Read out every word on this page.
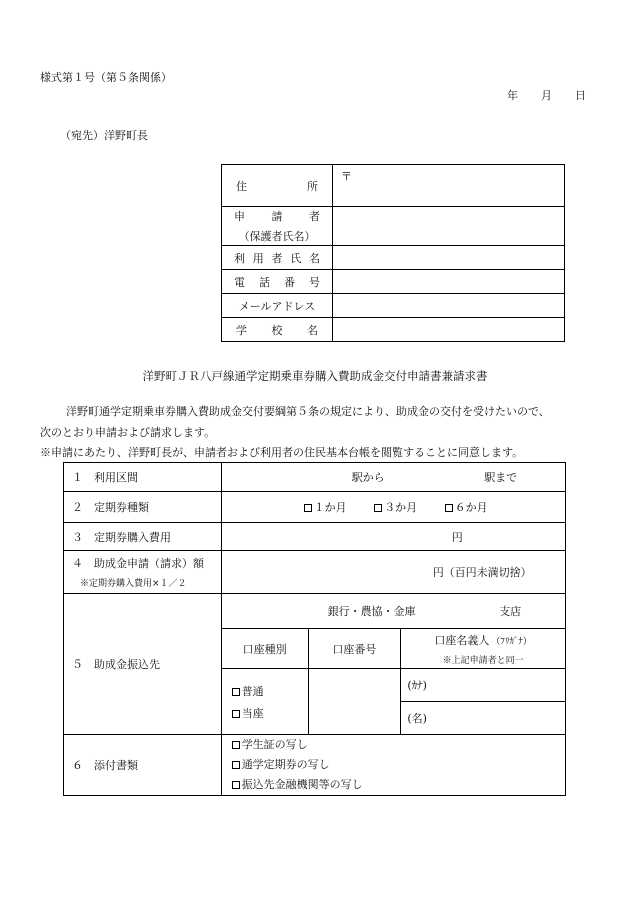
様式第１号（第５条関係）
年 月 日
（宛先）洋野町長
住 所	〒

申 請 者
（保護者氏名）	

利 用 者 氏 名	

電 話 番 号	

メールアドレス	

学 校 名	

洋野町ＪＲ八戸線通学定期乗車券購入費助成金交付申請書兼請求書
洋野町通学定期乗車券購入費助成金交付要綱第５条の規定により、助成金の交付を受けたいので、
次のとおり申請および請求します。
※申請にあたり、洋野町長が、申請者および利用者の住民基本台帳を閲覧することに同意します。
１　利用区間	駅から 駅まで		
２　定期券種類	１か月 ３か月 ６か月		
３　定期券購入費用	円		

４　助成金申請（請求）額
※定期券購入費用×１／２	円（百円未満切捨）		
５　助成金振込先	銀行・農協・金庫 支店		
	口座種別	口座番号	口座名義人 （ﾌﾘｶﾞﾅ）
※上記申請者と同一

	普通
当座		(ｶﾅ)
			(名)
６　添付書類	学生証の写し
通学定期券の写し
振込先金融機関等の写し		
